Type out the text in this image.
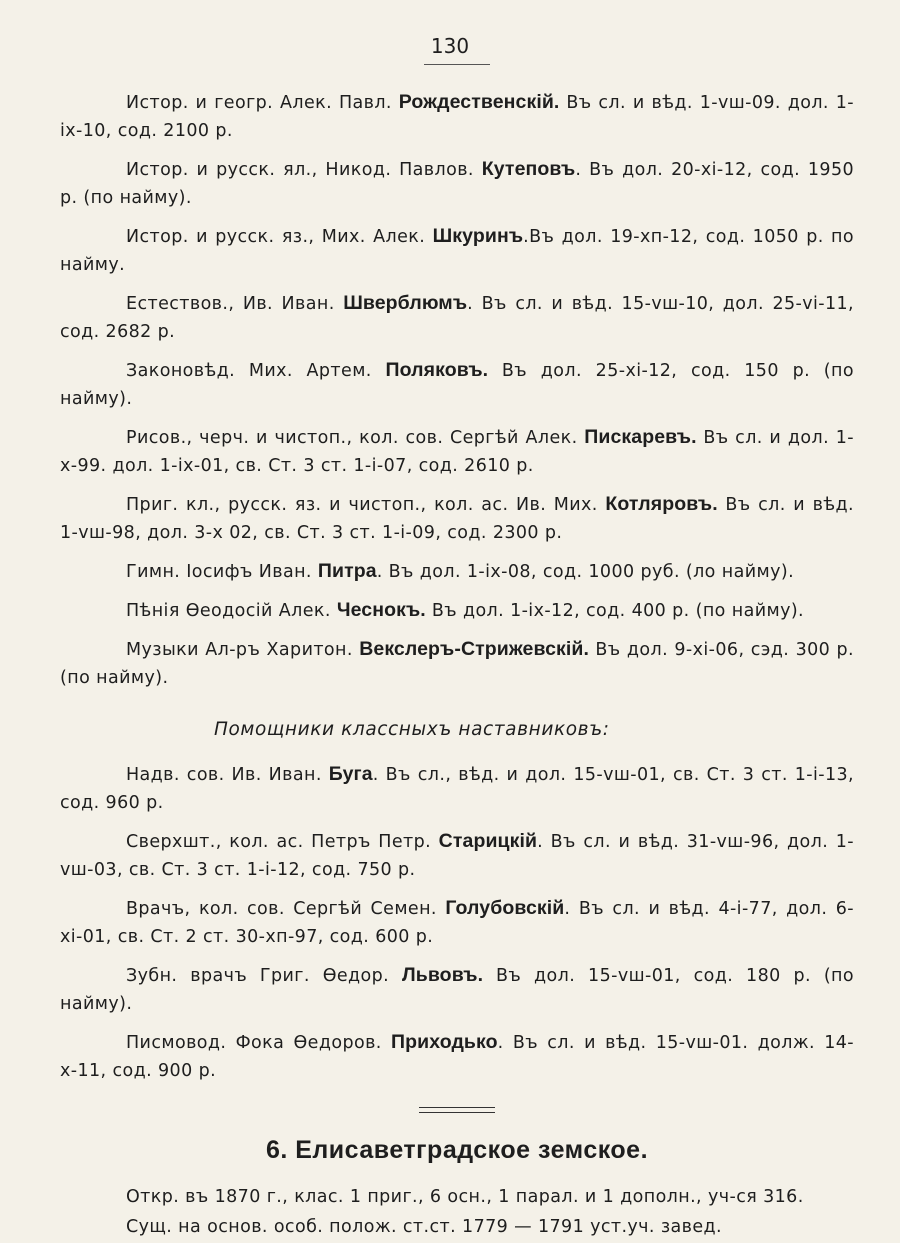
130

Истор. и геогр. Алек. Павл. Рождественскій. Въ сл. и вѣд. 1-vш-09. дол. 1-іх-10, сод. 2100 р.

Истор. и русск. ял., Никод. Павлов. Кутеповъ. Въ дол. 20-хі-12, сод. 1950 р. (по найму).

Истор. и русск. яз., Мих. Алек. Шкуринъ.Въ дол. 19-хп-12, сод. 1050 р. по найму.

Естествов., Ив. Иван. Шверблюмъ. Въ сл. и вѣд. 15-vш-10, дол. 25-vі-11, сод. 2682 р.

Законовѣд. Мих. Артем. Поляковъ. Въ дол. 25-хі-12, сод. 150 р. (по найму).

Рисов., черч. и чистоп., кол. сов. Сергѣй Алек. Пискаревъ. Въ сл. и дол. 1-х-99. дол. 1-іх-01, св. Ст. 3 ст. 1-і-07, сод. 2610 р.

Приг. кл., русск. яз. и чистоп., кол. ас. Ив. Мих. Котляровъ. Въ сл. и вѣд. 1-vш-98, дол. 3-х 02, св. Ст. 3 ст. 1-і-09, сод. 2300 р.

Гимн. Іосифъ Иван. Питра. Въ дол. 1-іх-08, сод. 1000 руб. (ло найму).

Пѣнія Өеодосій Алек. Чеснокъ. Въ дол. 1-іх-12, сод. 400 р. (по найму).

Музыки Ал-ръ Харитон. Векслеръ-Стрижевскій. Въ дол. 9-хі-06, сэд. 300 р. (по найму).

Помощники классныхъ наставниковъ:

Надв. сов. Ив. Иван. Буга. Въ сл., вѣд. и дол. 15-vш-01, св. Ст. 3 ст. 1-і-13, сод. 960 р.

Сверхшт., кол. ас. Петръ Петр. Старицкій. Въ сл. и вѣд. 31-vш-96, дол. 1-vш-03, св. Ст. 3 ст. 1-і-12, сод. 750 р.

Врачъ, кол. сов. Сергѣй Семен. Голубовскій. Въ сл. и вѣд. 4-і-77, дол. 6-хі-01, св. Ст. 2 ст. 30-хп-97, сод. 600 р.

Зубн. врачъ Григ. Өедор. Львовъ. Въ дол. 15-vш-01, сод. 180 р. (по найму).

Писмовод. Фока Өедоров. Приходько. Въ сл. и вѣд. 15-vш-01. долж. 14-х-11, сод. 900 р.

6. Елисаветградское земское.

Откр. въ 1870 г., клас. 1 приг., 6 осн., 1 парал. и 1 дополн., уч-ся 316.

Сущ. на основ. особ. полож. ст.ст. 1779 — 1791 уст.уч. завед.
